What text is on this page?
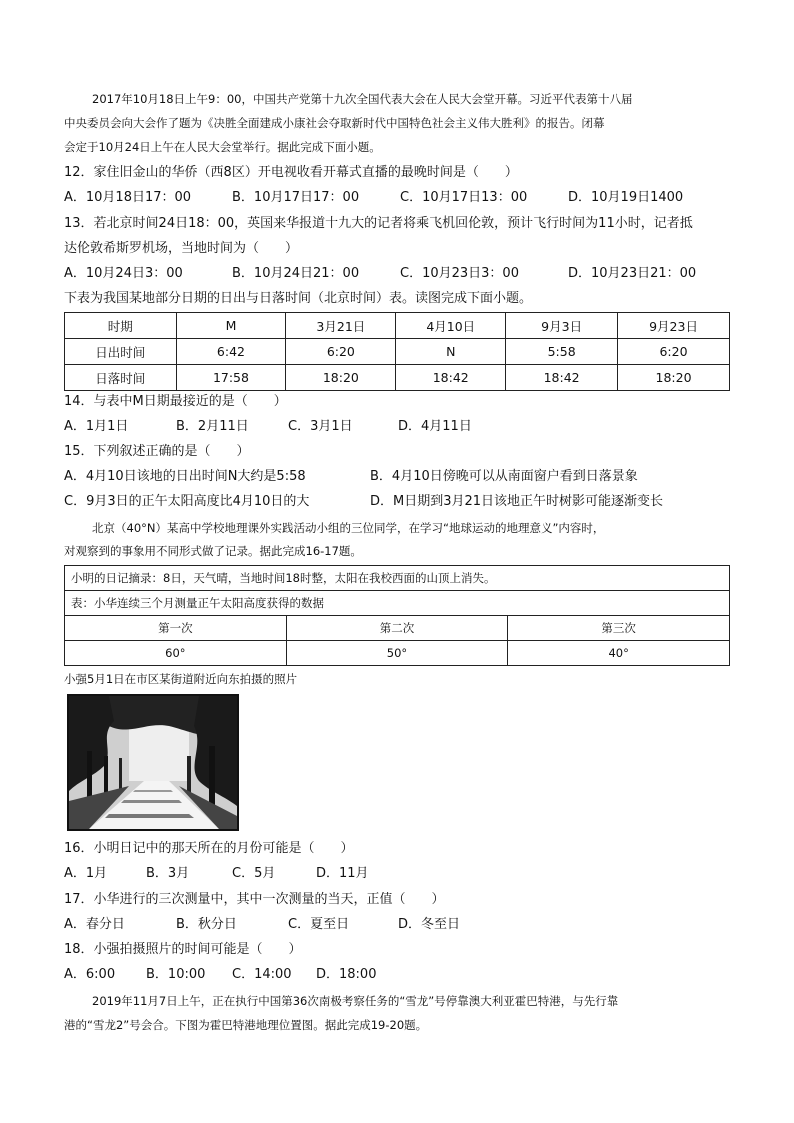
2017年10月18日上午9：00，中国共产党第十九次全国代表大会在人民大会堂开幕。习近平代表第十八届
中央委员会向大会作了题为《决胜全面建成小康社会夺取新时代中国特色社会主义伟大胜利》的报告。闭幕
会定于10月24日上午在人民大会堂举行。据此完成下面小题。
12．家住旧金山的华侨（西8区）开电视收看开幕式直播的最晚时间是（　　）
A．10月18日17：00	B．10月17日17：00	C．10月17日13：00	D．10月19日1400
13．若北京时间24日18：00，英国来华报道十九大的记者将乘飞机回伦敦，预计飞行时间为11小时，记者抵
达伦敦希斯罗机场，当地时间为（　　）
A．10月24日3：00	B．10月24日21：00	C．10月23日3：00	D．10月23日21：00
下表为我国某地部分日期的日出与日落时间（北京时间）表。读图完成下面小题。
时期	M	3月21日	4月10日	9月3日	9月23日
日出时间	6:42	6:20	N	5:58	6:20
日落时间	17:58	18:20	18:42	18:42	18:20
14．与表中M日期最接近的是（　　）
A．1月1日	B．2月11日	C．3月1日	D．4月11日
15．下列叙述正确的是（　　）
A．4月10日该地的日出时间N大约是5:58	B．4月10日傍晚可以从南面窗户看到日落景象
C．9月3日的正午太阳高度比4月10日的大	D．M日期到3月21日该地正午时树影可能逐渐变长
北京（40°N）某高中学校地理课外实践活动小组的三位同学，在学习“地球运动的地理意义”内容时，
对观察到的事象用不同形式做了记录。据此完成16-17题。
小明的日记摘录：8日，天气晴，当地时间18时整，太阳在我校西面的山顶上消失。		
表：小华连续三个月测量正午太阳高度获得的数据		
第一次	第二次	第三次
60°	50°	40°
小强5月1日在市区某街道附近向东拍摄的照片
16．小明日记中的那天所在的月份可能是（　　）
A．1月	B．3月	C．5月	D．11月
17．小华进行的三次测量中，其中一次测量的当天，正值（　　）
A．春分日	B．秋分日	C．夏至日	D．冬至日
18．小强拍摄照片的时间可能是（　　）
A．6:00 B．10:00 C．14:00 D．18:00
2019年11月7日上午，正在执行中国第36次南极考察任务的“雪龙”号停靠澳大利亚霍巴特港，与先行靠
港的“雪龙2”号会合。下图为霍巴特港地理位置图。据此完成19-20题。
